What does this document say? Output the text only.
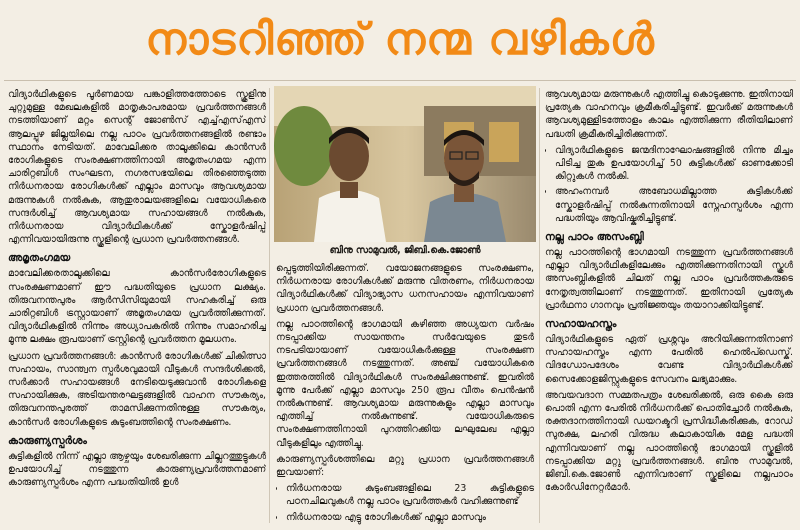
നാടറിഞ്ഞ് നന്മ വഴികൾ

വിദ്യാർഥികളുടെ പൂർണമായ പങ്കാളിത്തത്തോടെ സ്കൂളിനു ചുറ്റുമുള്ള മേഖലകളിൽ മാതൃകാപരമായ പ്രവർത്തനങ്ങൾ നടത്തിയാണ് മറ്റം സെന്റ് ജോൺസ് എച്ച്എസ്എസ് ആലപ്പുഴ ജില്ലയിലെ നല്ല പാഠം പ്രവർത്തനങ്ങളിൽ രണ്ടാം സ്ഥാനം നേടിയത്. മാവേലിക്കര താലൂക്കിലെ കാൻസർ രോഗികളുടെ സംരക്ഷണത്തിനായി അമൃതംഗമയ എന്ന ചാരിറ്റബിൾ സംഘടന, നഗരസഭയിലെ തിരഞ്ഞെടുത്ത നിർധനരായ രോഗികൾക്ക് എല്ലാം മാസവും ആവശ്യമായ മരുന്നുകൾ നൽകുക, ആതുരാലയങ്ങളിലെ വയോധികരെ സന്ദർശിച്ച് ആവശ്യമായ സഹായങ്ങൾ നൽകുക, നിർധനരായ വിദ്യാർഥികൾക്ക് സ്കോളർഷിപ്പ് എന്നിവയായിരുന്നു സ്കൂളിന്റെ പ്രധാന പ്രവർത്തനങ്ങൾ.

അമൃതംഗമയ

മാവേലിക്കരതാലൂക്കിലെ കാൻസർരോഗികളുടെ സംരക്ഷണമാണ് ഈ പദ്ധതിയുടെ പ്രധാന ലക്ഷ്യം. തിരുവനന്തപുരം ആർസിസിയുമായി സഹകരിച്ച് ഒരു ചാരിറ്റബിൾ ട്രസ്റ്റായാണ് അമൃതംഗമയ പ്രവർത്തിക്കുന്നത്. വിദ്യാർഥികളിൽ നിന്നും അധ്യാപകരിൽ നിന്നും സമാഹരിച്ച മൂന്നു ലക്ഷം രൂപയാണ് ട്രസ്റ്റിന്റെ പ്രവർത്തന മൂലധനം.

പ്രധാന പ്രവർത്തനങ്ങൾ: കാൻസർ രോഗികൾക്ക് ചികിത്സാ സഹായം, സാന്ത്വന സ്പർശവുമായി വീടുകൾ സന്ദർശിക്കൽ, സർക്കാർ സഹായങ്ങൾ നേടിയെടുക്കുവാൻ രോഗികളെ സഹായിക്കുക, അടിയന്തരഘട്ടങ്ങളിൽ വാഹന സൗകര്യം, തിരുവനന്തപുരത്ത് താമസിക്കുന്നതിനുള്ള സൗകര്യം, കാൻസർ രോഗികളുടെ കുടുംബത്തിന്റെ സംരക്ഷണം.

കാരുണ്യസ്പർശം

കുട്ടികളിൽ നിന്ന് എല്ലാ ആഴ്ചയും ശേഖരിക്കുന്ന ചില്ലറത്തുട്ടുകൾ ഉപയോഗിച്ച് നടത്തുന്ന കാരുണ്യപ്രവർത്തനമാണ് കാരുണ്യസ്പർശം എന്ന പദ്ധതിയിൽ ഉൾ

ബിനു സാമുവൽ, ജിബി.കെ.ജോൺ

പ്പെടുത്തിയിരിക്കുന്നത്. വയോജനങ്ങളുടെ സംരക്ഷണം, നിർധനരായ രോഗികൾക്ക് മരുന്നു വിതരണം, നിർധനരായ വിദ്യാർഥികൾക്ക് വിദ്യാഭ്യാസ ധനസഹായം എന്നിവയാണ് പ്രധാന പ്രവർത്തനങ്ങൾ.

നല്ല പാഠത്തിന്റെ ഭാഗമായി കഴിഞ്ഞ അധ്യയന വർഷം നടപ്പാക്കിയ സായന്തനം സർവേയുടെ തുടർ നടപടിയായാണ് വയോധികർക്കുള്ള സംരക്ഷണ പ്രവർത്തനങ്ങൾ നടത്തുന്നത്. അഞ്ച് വയോധികരെ ഇത്തരത്തിൽ വിദ്യാർഥികൾ സംരക്ഷിക്കുന്നുണ്ട്. ഇവരിൽ മൂന്നു പേർക്ക് എല്ലാ മാസവും 250 രൂപ വീതം പെൻഷൻ നൽകുന്നുണ്ട്. ആവശ്യമായ മരുന്നുകളും എല്ലാ മാസവും എത്തിച്ച് നൽകുന്നുണ്ട്. വയോധികരുടെ സംരക്ഷണത്തിനായി പുറത്തിറക്കിയ ലഘുലേഖ എല്ലാ വീടുകളിലും എത്തിച്ചു.

കാരുണ്യസ്പർശത്തിലെ മറ്റു പ്രധാന പ്രവർത്തനങ്ങൾ ഇവയാണ്:

• നിർധനരായ കുടുംബങ്ങളിലെ 23 കുട്ടികളുടെ പഠനചിലവുകൾ നല്ല പാഠം പ്രവർത്തകർ വഹിക്കുന്നുണ്ട്
• നിർധനരായ എട്ടു രോഗികൾക്ക് എല്ലാ മാസവും

ആവശ്യമായ മരുന്നുകൾ എത്തിച്ചു കൊടുക്കുന്നു. ഇതിനായി പ്രത്യേക വാഹനവും ക്രമീകരിച്ചിട്ടുണ്ട്. ഇവർക്ക് മരുന്നുകൾ ആവശ്യമുള്ളിടത്തോളം കാലം എത്തിക്കുന്ന രീതിയിലാണ് പദ്ധതി ക്രമീകരിച്ചിരിക്കുന്നത്.

• വിദ്യാർഥികളുടെ ജന്മദിനാഘോഷങ്ങളിൽ നിന്നു മിച്ചം പിടിച്ച തുക ഉപയോഗിച്ച് 50 കുട്ടികൾക്ക് ഓണക്കോടി കിറ്റുകൾ നൽകി.
• അഹംനമ്പർ അബോധമില്ലാത്ത കുട്ടികൾക്ക് സ്കോളർഷിപ്പ് നൽകുന്നതിനായി സ്നേഹസ്പർശം എന്ന പദ്ധതിയും ആവിഷ്കരിച്ചിട്ടുണ്ട്.
നല്ല പാഠം അസംബ്ലി

നല്ല പാഠത്തിന്റെ ഭാഗമായി നടത്തുന്ന പ്രവർത്തനങ്ങൾ എല്ലാ വിദ്യാർഥികളിലേക്കും എത്തിക്കുന്നതിനായി സ്കൂൾ അസംബ്ലികളിൽ ചിലത് നല്ല പാഠം പ്രവർത്തകരുടെ നേതൃത്വത്തിലാണ് നടത്തുന്നത്. ഇതിനായി പ്രത്യേക പ്രാർഥനാ ഗാനവും പ്രതിജ്ഞയും തയാറാക്കിയിട്ടുണ്ട്.

സഹായഹസ്തം

വിദ്യാർഥികളുടെ ഏത് പ്രശ്നവും അറിയിക്കുന്നതിനാണ് സഹായഹസ്തം എന്ന പേരിൽ ഹെൽപ്ഡെസ്ക്. വിദഗ്ധോപദേശം വേണ്ട വിദ്യാർഥികൾക്ക് സൈക്കോളജിസ്റ്റുകളുടെ സേവനം ലഭ്യമാക്കും.

അവയവദാന സമ്മതപത്രം ശേഖരിക്കൽ, ഒരു കൈ ഒരു പൊതി എന്ന പേരിൽ നിർധനർക്ക് പൊതിച്ചോർ നൽകുക, രക്തദാനത്തിനായി ഡയറക്ടറി പ്രസിദ്ധീകരിക്കുക, റോഡ് സുരക്ഷ, ലഹരി വിരുദ്ധ കലാകായിക മേള പദ്ധതി എന്നിവയാണ് നല്ല പാഠത്തിന്റെ ഭാഗമായി സ്കൂളിൽ നടപ്പാക്കിയ മറ്റു പ്രവർത്തനങ്ങൾ. ബിനു സാമുവൽ, ജിബി.കെ.ജോൺ എന്നിവരാണ് സ്കൂളിലെ നല്ലപാഠം കോർഡിനേറ്റർമാർ.
